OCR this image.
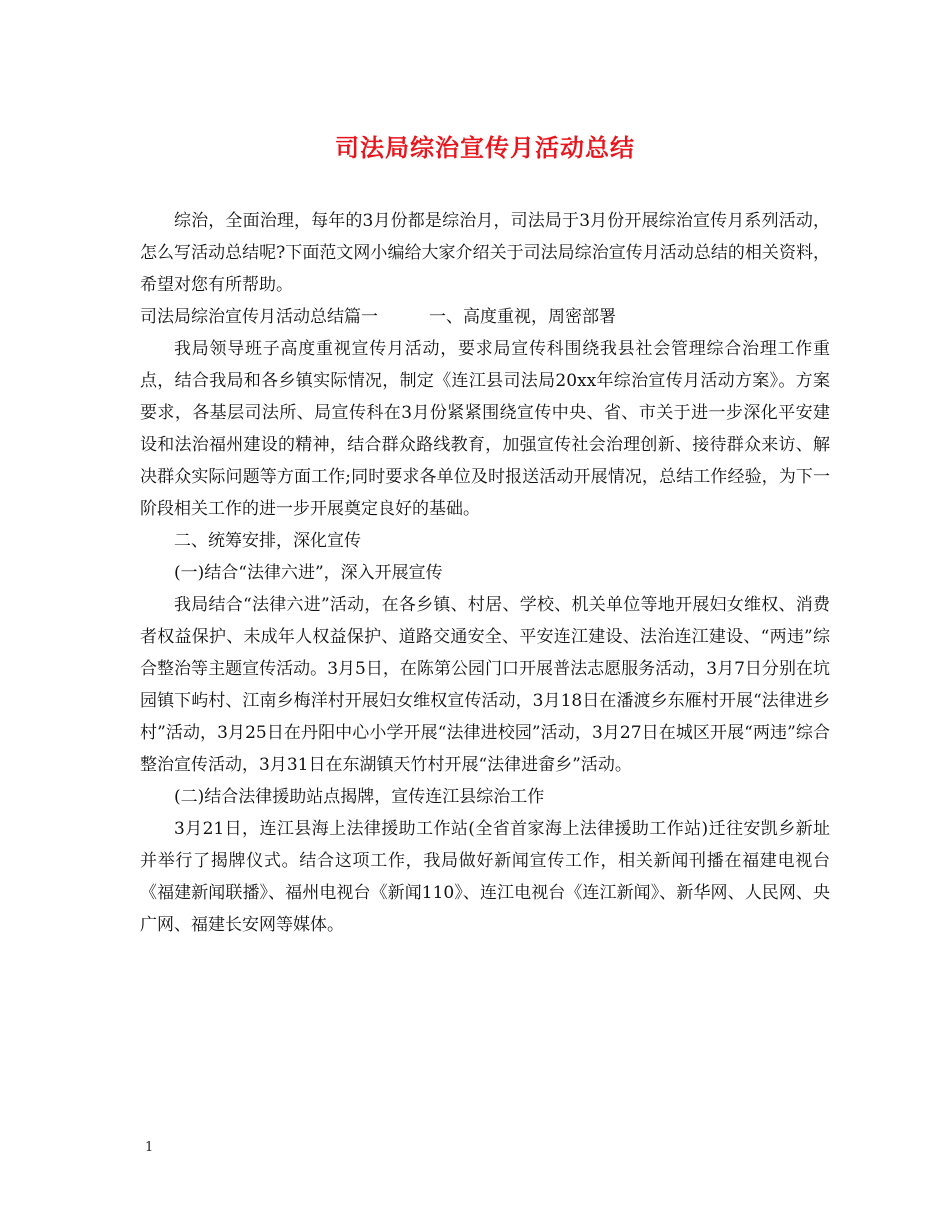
司法局综治宣传月活动总结

综治，全面治理，每年的3月份都是综治月，司法局于3月份开展综治宣传月系列活动，怎么写活动总结呢?下面范文网小编给大家介绍关于司法局综治宣传月活动总结的相关资料，希望对您有所帮助。

司法局综治宣传月活动总结篇一　　　一、高度重视，周密部署

我局领导班子高度重视宣传月活动，要求局宣传科围绕我县社会管理综合治理工作重点，结合我局和各乡镇实际情况，制定《连江县司法局20xx年综治宣传月活动方案》。方案要求，各基层司法所、局宣传科在3月份紧紧围绕宣传中央、省、市关于进一步深化平安建设和法治福州建设的精神，结合群众路线教育，加强宣传社会治理创新、接待群众来访、解决群众实际问题等方面工作;同时要求各单位及时报送活动开展情况，总结工作经验，为下一阶段相关工作的进一步开展奠定良好的基础。

二、统筹安排，深化宣传

(一)结合“法律六进”，深入开展宣传

我局结合“法律六进”活动，在各乡镇、村居、学校、机关单位等地开展妇女维权、消费者权益保护、未成年人权益保护、道路交通安全、平安连江建设、法治连江建设、“两违”综合整治等主题宣传活动。3月5日，在陈第公园门口开展普法志愿服务活动，3月7日分别在坑园镇下屿村、江南乡梅洋村开展妇女维权宣传活动，3月18日在潘渡乡东雁村开展“法律进乡村”活动，3月25日在丹阳中心小学开展“法律进校园”活动，3月27日在城区开展“两违”综合整治宣传活动，3月31日在东湖镇天竹村开展“法律进畲乡”活动。

(二)结合法律援助站点揭牌，宣传连江县综治工作

3月21日，连江县海上法律援助工作站(全省首家海上法律援助工作站)迁往安凯乡新址并举行了揭牌仪式。结合这项工作，我局做好新闻宣传工作，相关新闻刊播在福建电视台《福建新闻联播》、福州电视台《新闻110》、连江电视台《连江新闻》、新华网、人民网、央广网、福建长安网等媒体。

1
